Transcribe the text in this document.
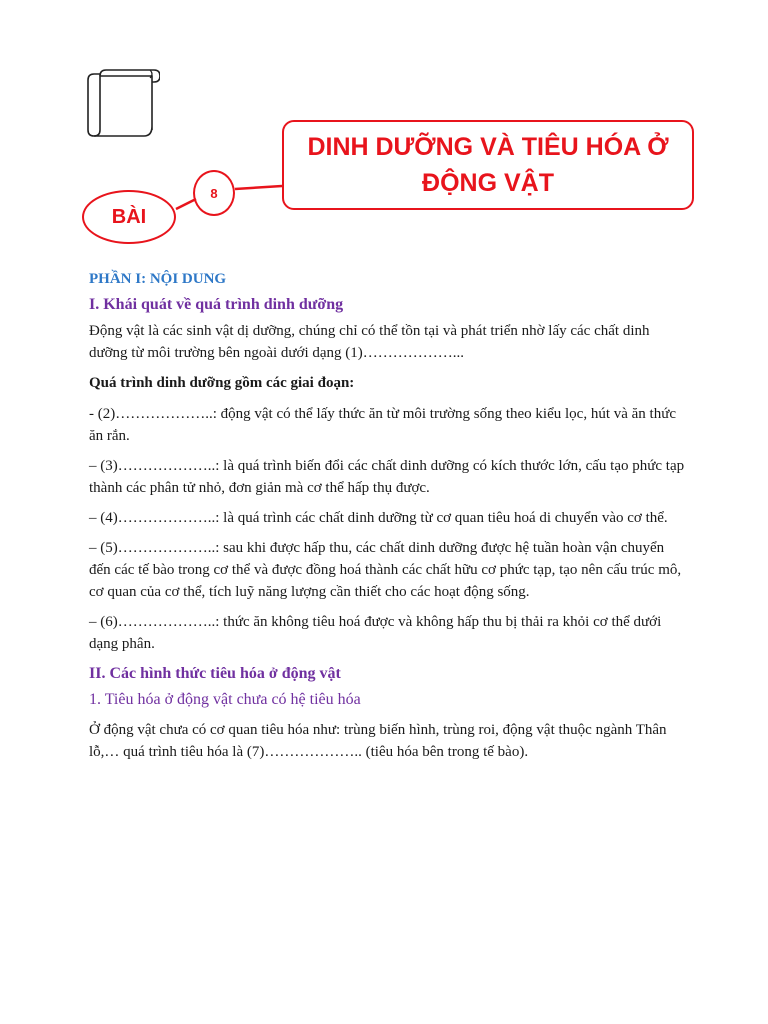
DINH DƯỠNG VÀ TIÊU HÓA Ở ĐỘNG VẬT
8
BÀI
PHẦN I: NỘI DUNG
I. Khái quát về quá trình dinh dưỡng

Động vật là các sinh vật dị dưỡng, chúng chỉ có thể tồn tại và phát triển nhờ lấy các chất dinh dưỡng từ môi trường bên ngoài dưới dạng (1)………………...

Quá trình dinh dưỡng gồm các giai đoạn:

- (2)………………..: động vật có thể lấy thức ăn từ môi trường sống theo kiểu lọc, hút và ăn thức ăn rắn.

– (3)………………..: là quá trình biến đổi các chất dinh dưỡng có kích thước lớn, cấu tạo phức tạp thành các phân tử nhỏ, đơn giản mà cơ thể hấp thụ được.

– (4)………………..: là quá trình các chất dinh dưỡng từ cơ quan tiêu hoá di chuyển vào cơ thể.

– (5)………………..: sau khi được hấp thu, các chất dinh dưỡng được hệ tuần hoàn vận chuyển đến các tế bào trong cơ thể và được đồng hoá thành các chất hữu cơ phức tạp, tạo nên cấu trúc mô, cơ quan của cơ thể, tích luỹ năng lượng cần thiết cho các hoạt động sống.

– (6)………………..: thức ăn không tiêu hoá được và không hấp thu bị thải ra khỏi cơ thể dưới dạng phân.

II. Các hình thức tiêu hóa ở động vật
1. Tiêu hóa ở động vật chưa có hệ tiêu hóa

Ở động vật chưa có cơ quan tiêu hóa như: trùng biến hình, trùng roi, động vật thuộc ngành Thân lỗ,… quá trình tiêu hóa là (7)……………….. (tiêu hóa bên trong tế bào).
